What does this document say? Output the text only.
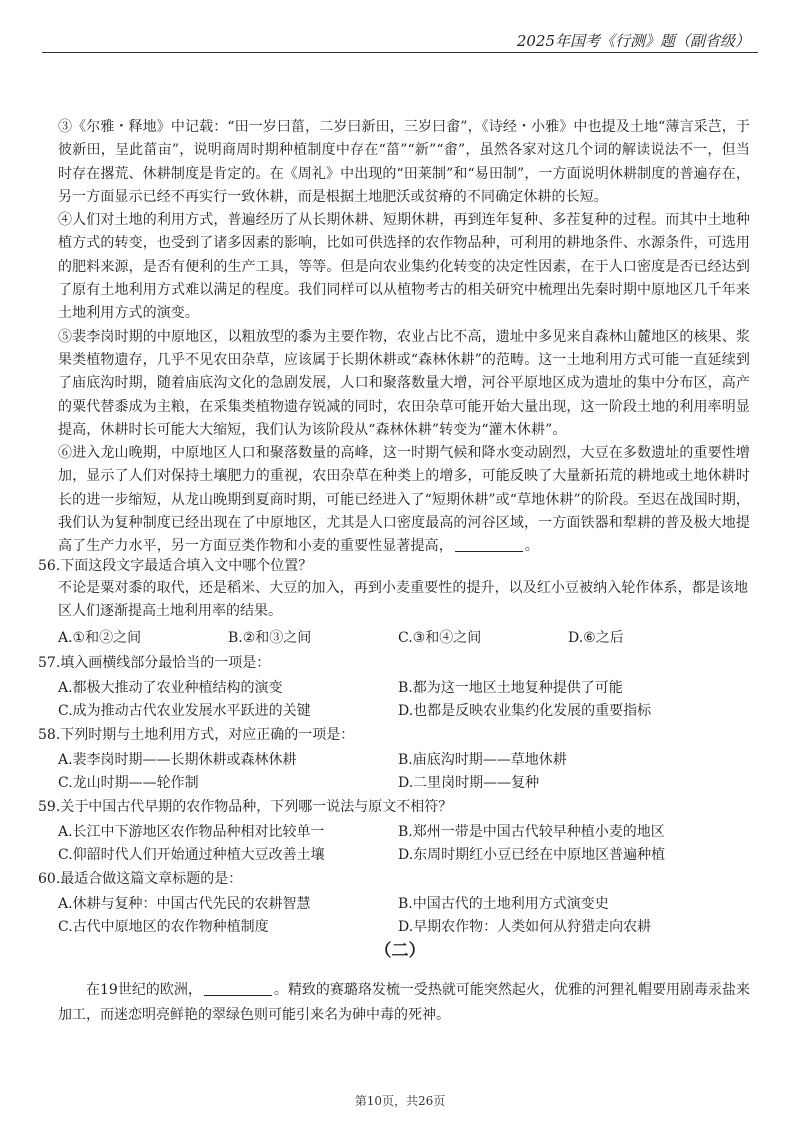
2025年国考《行测》题（副省级）

③《尔雅・释地》中记载：“田一岁曰菑，二岁曰新田，三岁曰畬”，《诗经・小雅》中也提及土地“薄言采芑，于彼新田，呈此菑亩”，说明商周时期种植制度中存在“菑”“新”“畬”，虽然各家对这几个词的解读说法不一，但当时存在撂荒、休耕制度是肯定的。在《周礼》中出现的“田莱制”和“易田制”，一方面说明休耕制度的普遍存在，另一方面显示已经不再实行一致休耕，而是根据土地肥沃或贫瘠的不同确定休耕的长短。

④人们对土地的利用方式，普遍经历了从长期休耕、短期休耕，再到连年复种、多茬复种的过程。而其中土地种植方式的转变，也受到了诸多因素的影响，比如可供选择的农作物品种，可利用的耕地条件、水源条件，可选用的肥料来源，是否有便利的生产工具，等等。但是向农业集约化转变的决定性因素，在于人口密度是否已经达到了原有土地利用方式难以满足的程度。我们同样可以从植物考古的相关研究中梳理出先秦时期中原地区几千年来土地利用方式的演变。

⑤裴李岗时期的中原地区，以粗放型的黍为主要作物，农业占比不高，遗址中多见来自森林山麓地区的核果、浆果类植物遗存，几乎不见农田杂草，应该属于长期休耕或“森林休耕”的范畴。这一土地利用方式可能一直延续到了庙底沟时期，随着庙底沟文化的急剧发展，人口和聚落数量大增，河谷平原地区成为遗址的集中分布区，高产的粟代替黍成为主粮，在采集类植物遗存锐减的同时，农田杂草可能开始大量出现，这一阶段土地的利用率明显提高，休耕时长可能大大缩短，我们认为该阶段从“森林休耕”转变为“灌木休耕”。

⑥进入龙山晚期，中原地区人口和聚落数量的高峰，这一时期气候和降水变动剧烈，大豆在多数遗址的重要性增加，显示了人们对保持土壤肥力的重视，农田杂草在种类上的增多，可能反映了大量新拓荒的耕地或土地休耕时长的进一步缩短，从龙山晚期到夏商时期，可能已经进入了“短期休耕”或“草地休耕”的阶段。至迟在战国时期，我们认为复种制度已经出现在了中原地区，尤其是人口密度最高的河谷区域，一方面铁器和犁耕的普及极大地提高了生产力水平，另一方面豆类作物和小麦的重要性显著提高，	。

56.下面这段文字最适合填入文中哪个位置？

不论是粟对黍的取代，还是稻米、大豆的加入，再到小麦重要性的提升，以及红小豆被纳入轮作体系，都是该地区人们逐渐提高土地利用率的结果。

A.①和②之间	B.②和③之间	C.③和④之间	D.⑥之后

57.填入画横线部分最恰当的一项是：

A.都极大推动了农业种植结构的演变	B.都为这一地区土地复种提供了可能
C.成为推动古代农业发展水平跃进的关键	D.也都是反映农业集约化发展的重要指标

58.下列时期与土地利用方式，对应正确的一项是：

A.裴李岗时期——长期休耕或森林休耕	B.庙底沟时期——草地休耕
C.龙山时期——轮作制	D.二里岗时期——复种

59.关于中国古代早期的农作物品种，下列哪一说法与原文不相符？

A.长江中下游地区农作物品种相对比较单一	B.郑州一带是中国古代较早种植小麦的地区
C.仰韶时代人们开始通过种植大豆改善土壤	D.东周时期红小豆已经在中原地区普遍种植

60.最适合做这篇文章标题的是：

A.休耕与复种：中国古代先民的农耕智慧	B.中国古代的土地利用方式演变史
C.古代中原地区的农作物种植制度	D.早期农作物：人类如何从狩猎走向农耕
（二）

在19世纪的欧洲，	。精致的赛璐珞发梳一受热就可能突然起火，优雅的河狸礼帽要用剧毒汞盐来加工，而迷恋明亮鲜艳的翠绿色则可能引来名为砷中毒的死神。

第10页，共26页
